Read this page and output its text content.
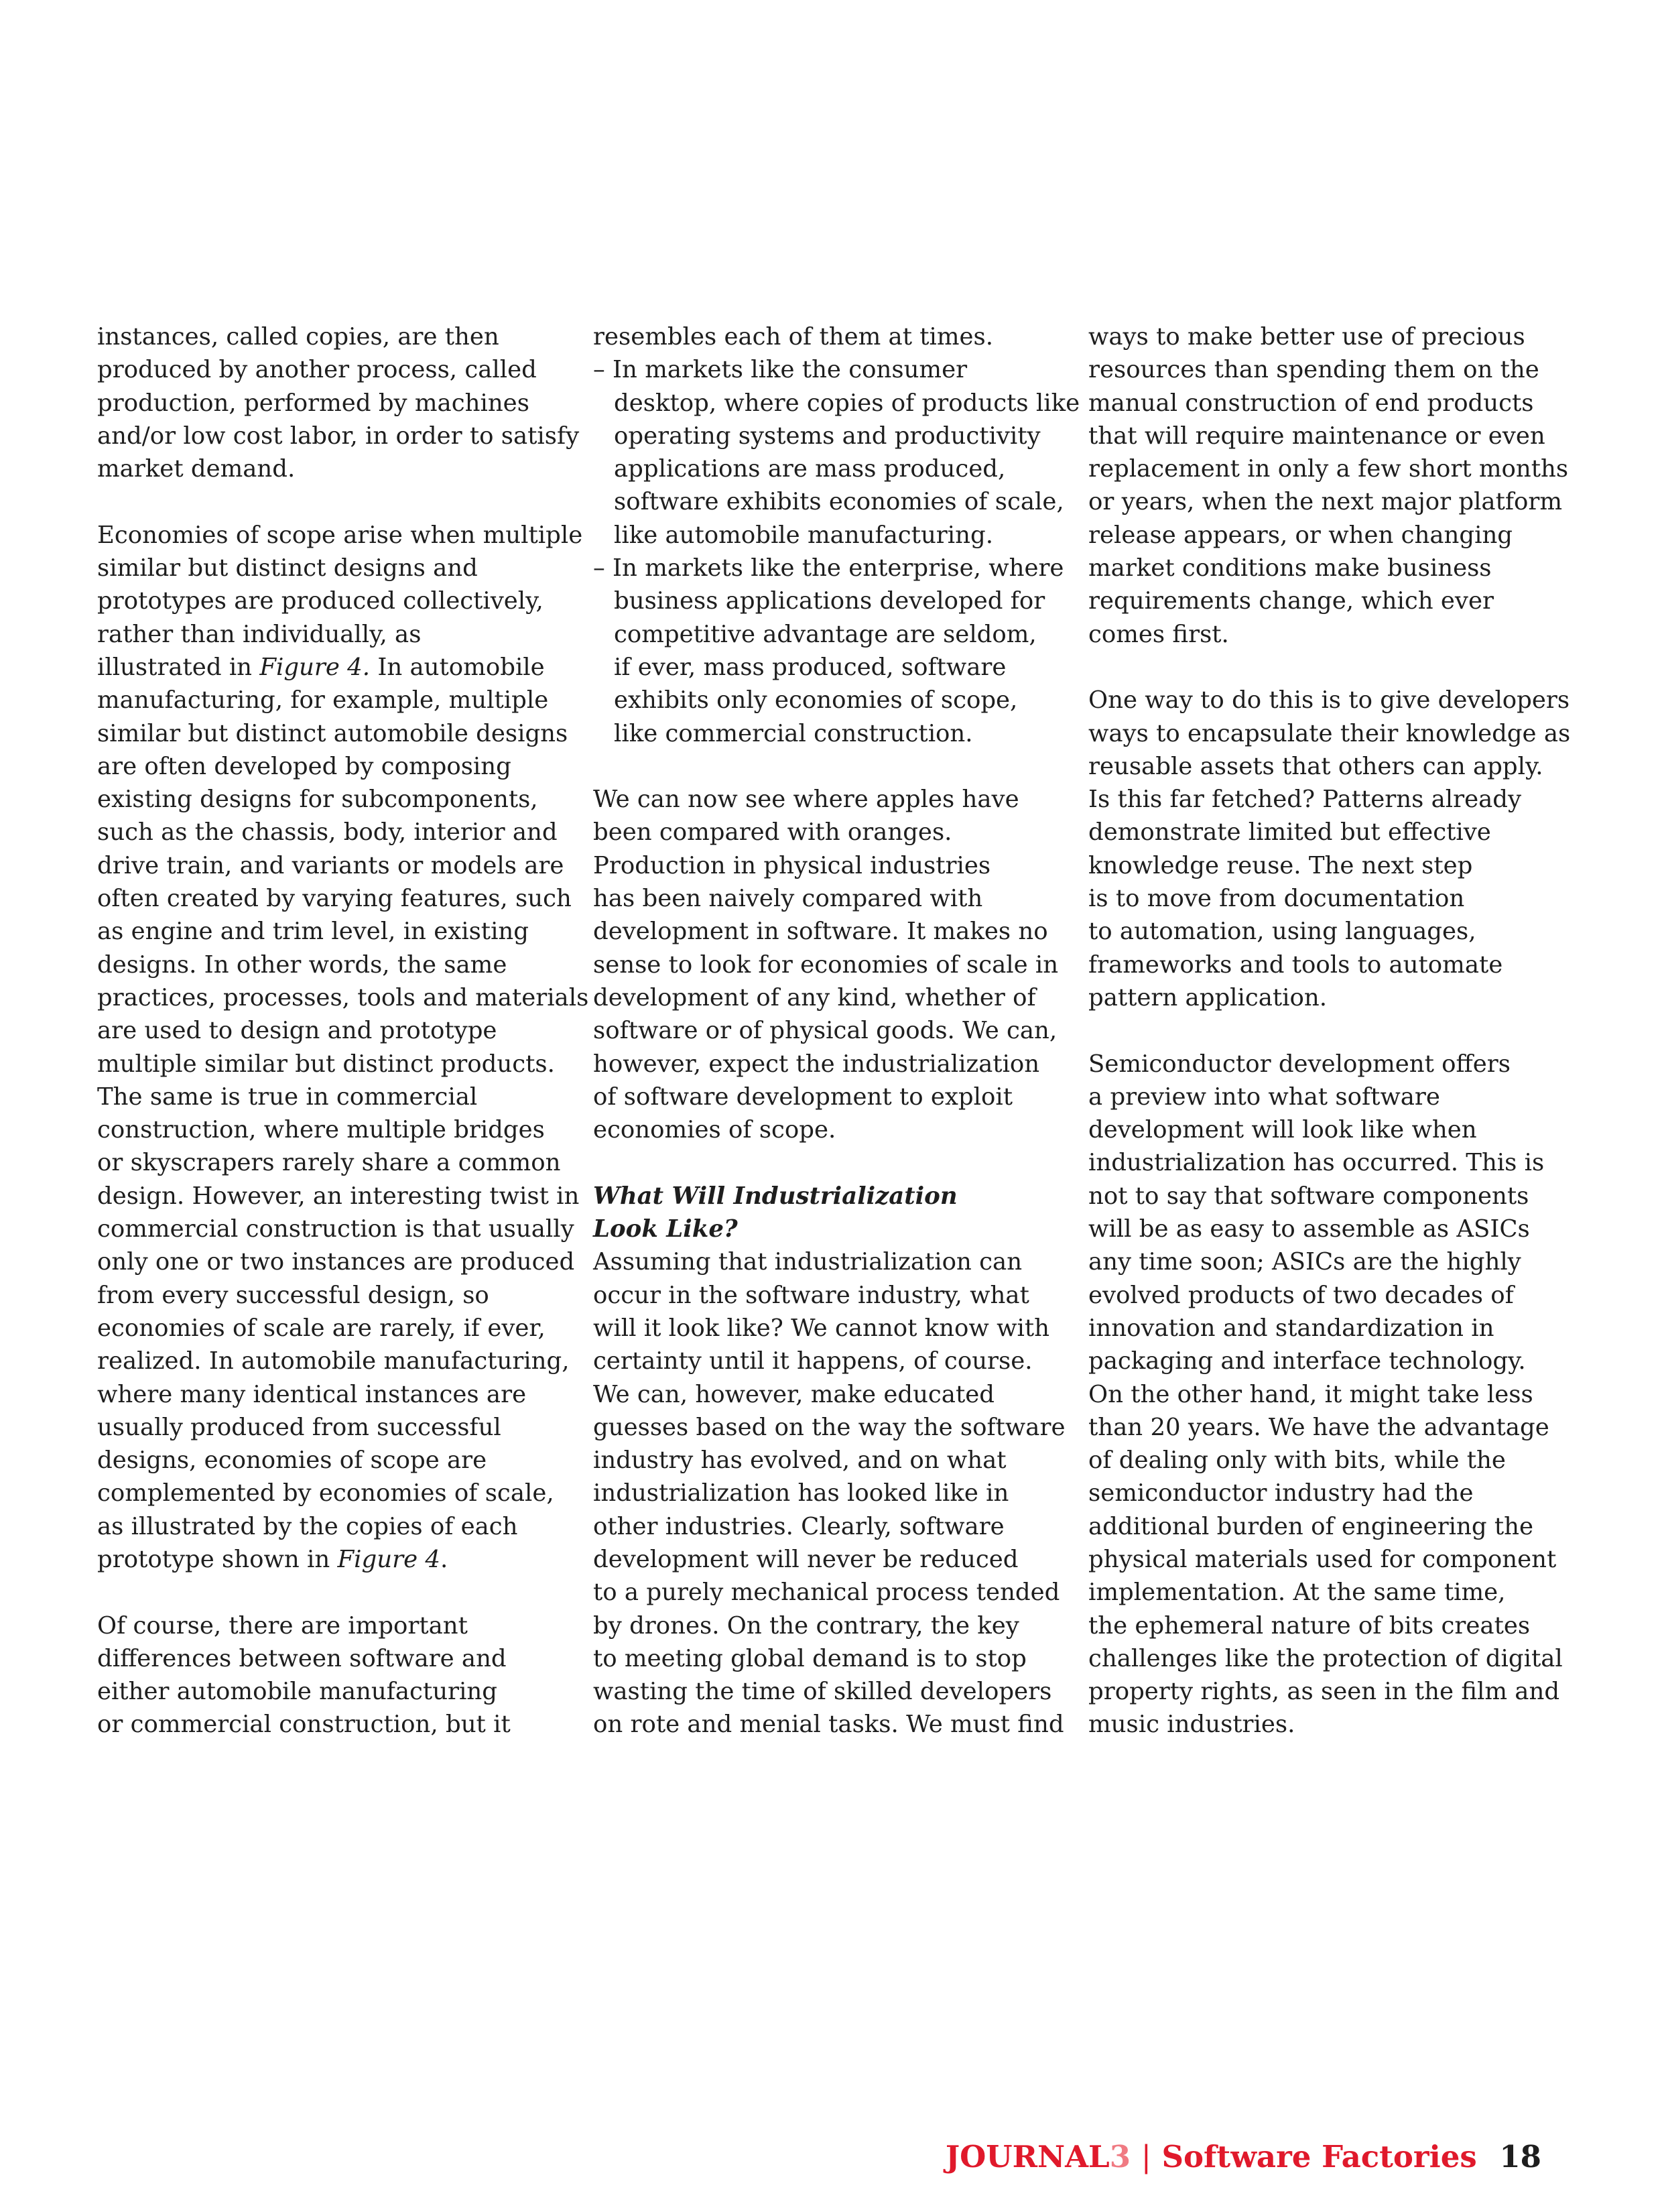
instances, called copies, are then
produced by another process, called
production, performed by machines
and/or low cost labor, in order to satisfy
market demand.
Economies of scope arise when multiple
similar but distinct designs and
prototypes are produced collectively,
rather than individually, as
illustrated in Figure 4. In automobile
manufacturing, for example, multiple
similar but distinct automobile designs
are often developed by composing
existing designs for subcomponents,
such as the chassis, body, interior and
drive train, and variants or models are
often created by varying features, such
as engine and trim level, in existing
designs. In other words, the same
practices, processes, tools and materials
are used to design and prototype
multiple similar but distinct products.
The same is true in commercial
construction, where multiple bridges
or skyscrapers rarely share a common
design. However, an interesting twist in
commercial construction is that usually
only one or two instances are produced
from every successful design, so
economies of scale are rarely, if ever,
realized. In automobile manufacturing,
where many identical instances are
usually produced from successful
designs, economies of scope are
complemented by economies of scale,
as illustrated by the copies of each
prototype shown in Figure 4.
Of course, there are important
differences between software and
either automobile manufacturing
or commercial construction, but it
resembles each of them at times.
– In markets like the consumer
desktop, where copies of products like
operating systems and productivity
applications are mass produced,
software exhibits economies of scale,
like automobile manufacturing.
– In markets like the enterprise, where
business applications developed for
competitive advantage are seldom,
if ever, mass produced, software
exhibits only economies of scope,
like commercial construction.
We can now see where apples have
been compared with oranges.
Production in physical industries
has been naively compared with
development in software. It makes no
sense to look for economies of scale in
development of any kind, whether of
software or of physical goods. We can,
however, expect the industrialization
of software development to exploit
economies of scope.
What Will Industrialization
Look Like?
Assuming that industrialization can
occur in the software industry, what
will it look like? We cannot know with
certainty until it happens, of course.
We can, however, make educated
guesses based on the way the software
industry has evolved, and on what
industrialization has looked like in
other industries. Clearly, software
development will never be reduced
to a purely mechanical process tended
by drones. On the contrary, the key
to meeting global demand is to stop
wasting the time of skilled developers
on rote and menial tasks. We must find
ways to make better use of precious
resources than spending them on the
manual construction of end products
that will require maintenance or even
replacement in only a few short months
or years, when the next major platform
release appears, or when changing
market conditions make business
requirements change, which ever
comes first.
One way to do this is to give developers
ways to encapsulate their knowledge as
reusable assets that others can apply.
Is this far fetched? Patterns already
demonstrate limited but effective
knowledge reuse. The next step
is to move from documentation
to automation, using languages,
frameworks and tools to automate
pattern application.
Semiconductor development offers
a preview into what software
development will look like when
industrialization has occurred. This is
not to say that software components
will be as easy to assemble as ASICs
any time soon; ASICs are the highly
evolved products of two decades of
innovation and standardization in
packaging and interface technology.
On the other hand, it might take less
than 20 years. We have the advantage
of dealing only with bits, while the
semiconductor industry had the
additional burden of engineering the
physical materials used for component
implementation. At the same time,
the ephemeral nature of bits creates
challenges like the protection of digital
property rights, as seen in the film and
music industries.
JOURNAL3 | Software Factories 18
